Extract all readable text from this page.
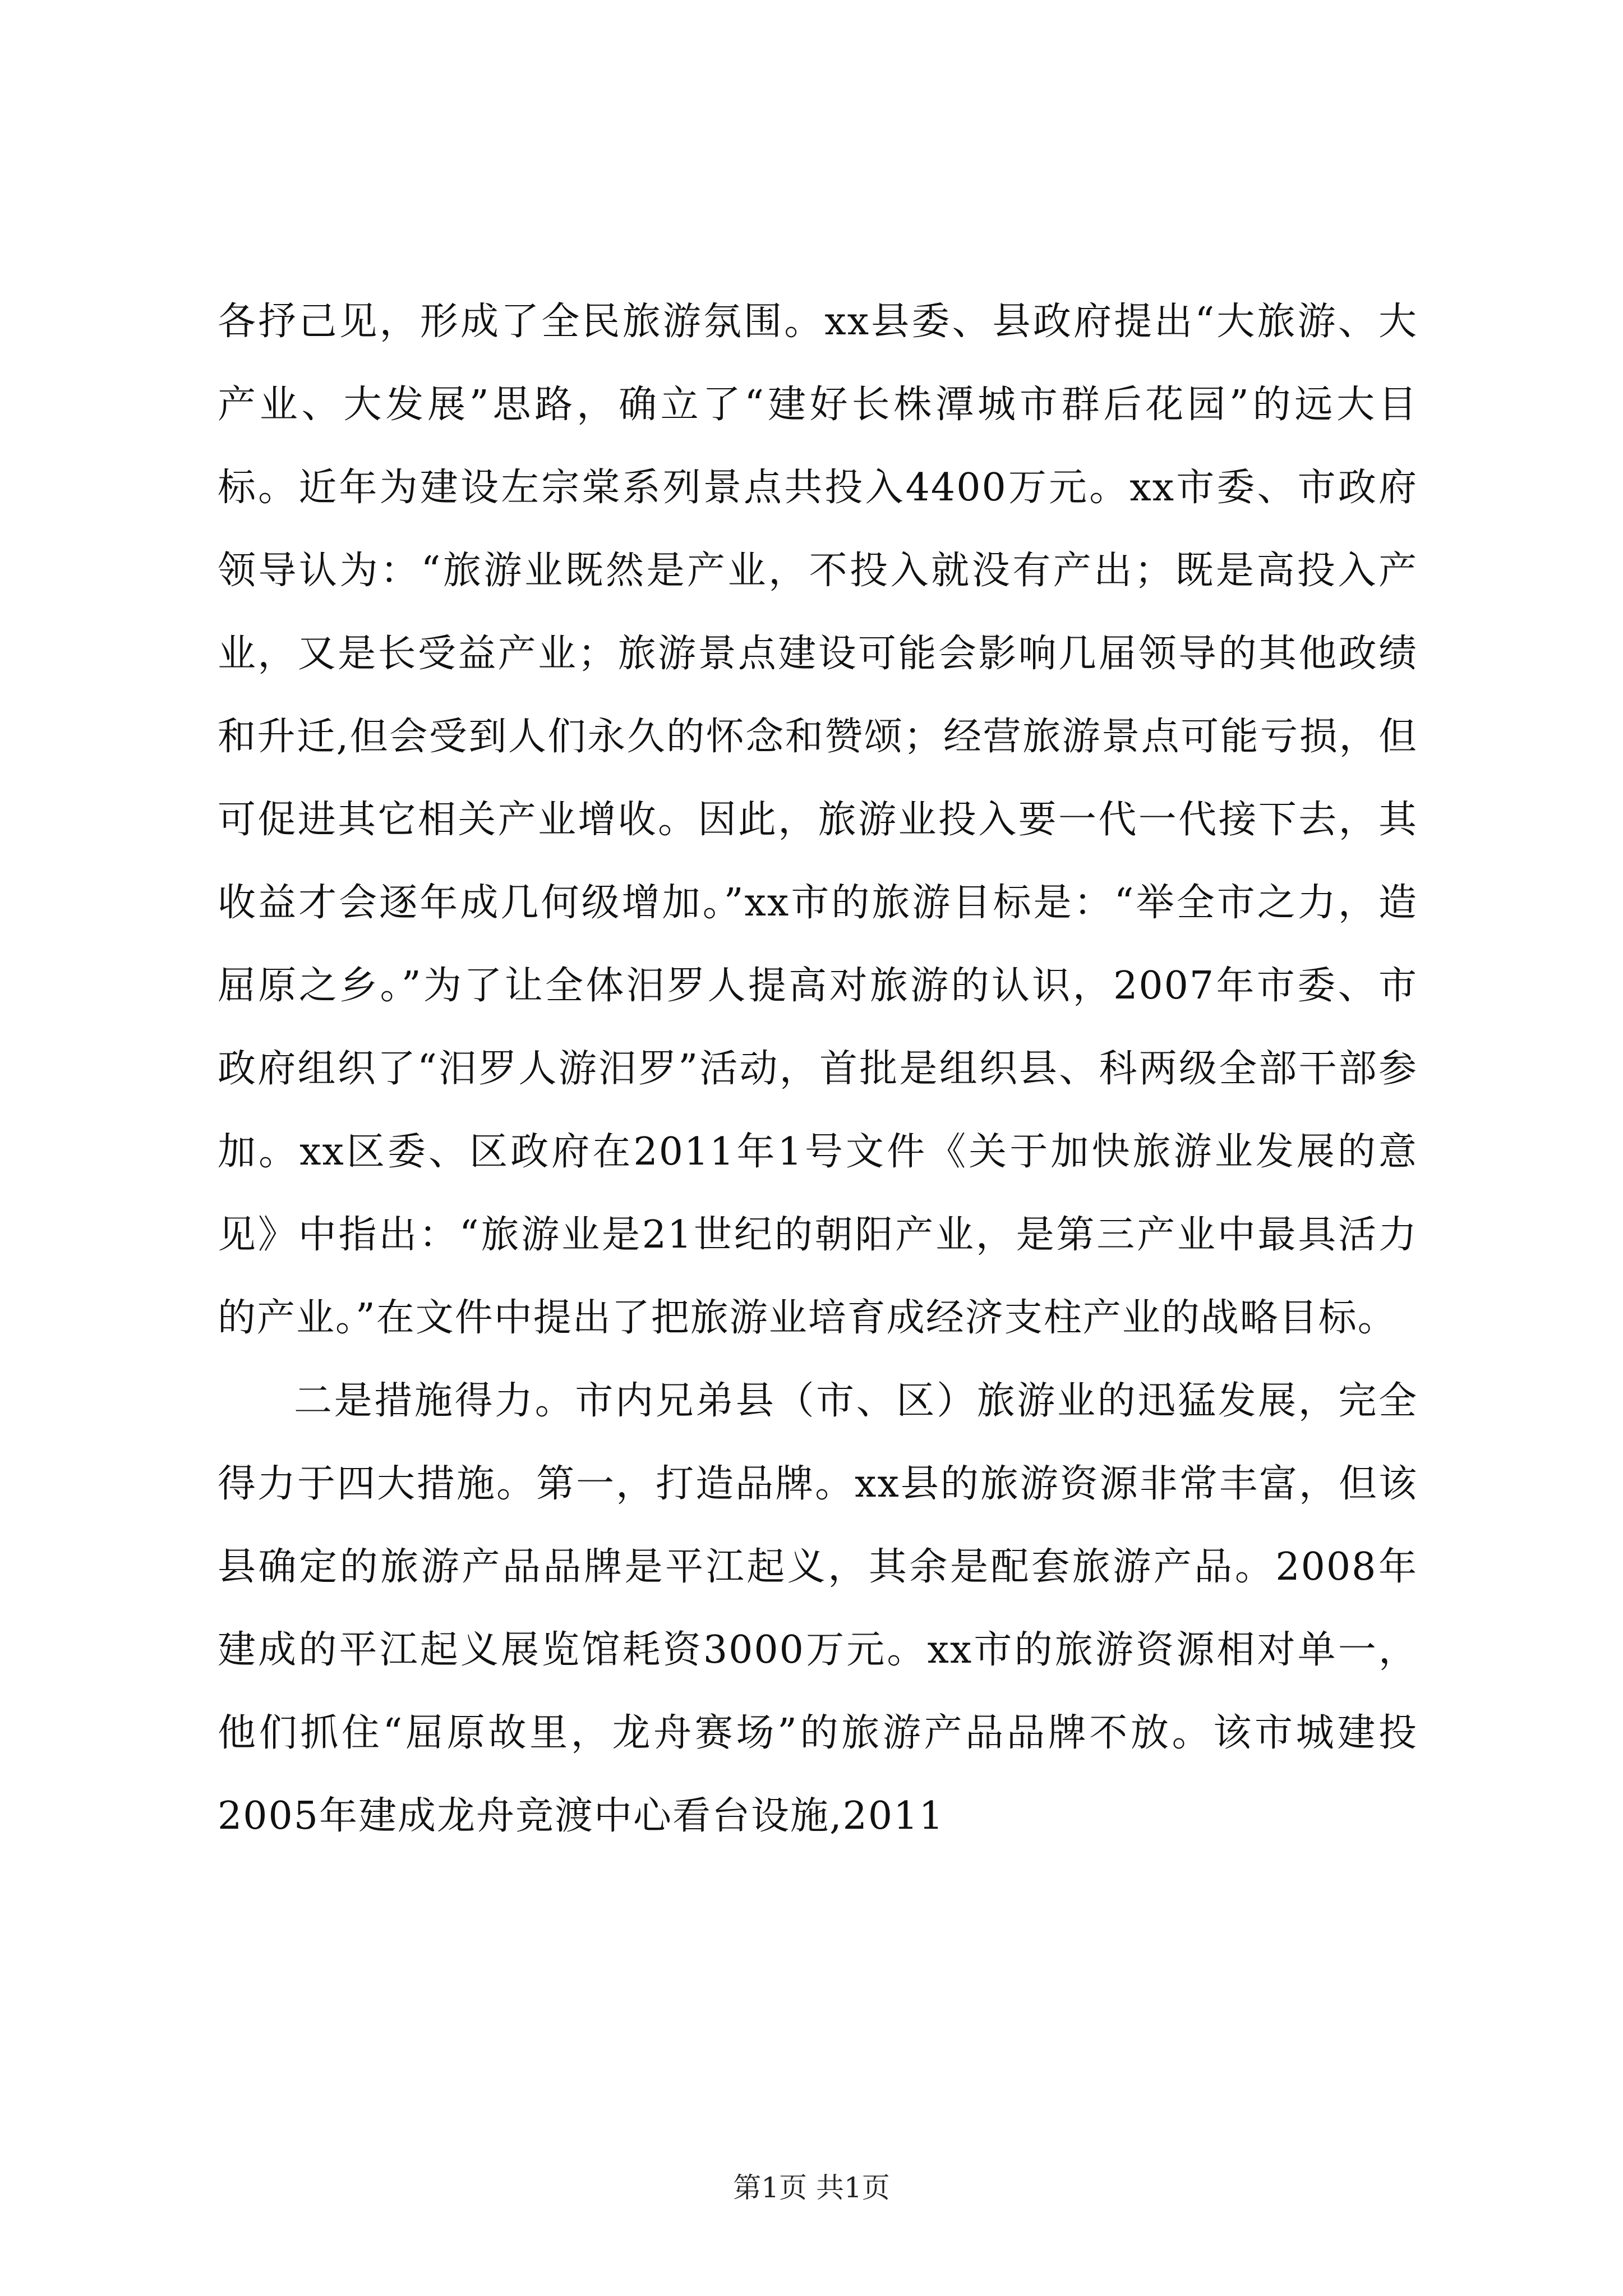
各抒己见，形成了全民旅游氛围。xx县委、县政府提出“大旅游、大产业、大发展”思路，确立了“建好长株潭城市群后花园”的远大目标。近年为建设左宗棠系列景点共投入4400万元。xx市委、市政府领导认为：“旅游业既然是产业，不投入就没有产出；既是高投入产业，又是长受益产业；旅游景点建设可能会影响几届领导的其他政绩和升迁,但会受到人们永久的怀念和赞颂；经营旅游景点可能亏损，但可促进其它相关产业增收。因此，旅游业投入要一代一代接下去，其收益才会逐年成几何级增加。”xx市的旅游目标是：“举全市之力，造屈原之乡。”为了让全体汨罗人提高对旅游的认识，2007年市委、市政府组织了“汨罗人游汨罗”活动，首批是组织县、科两级全部干部参加。xx区委、区政府在2011年1号文件《关于加快旅游业发展的意见》中指出：“旅游业是21世纪的朝阳产业，是第三产业中最具活力的产业。”在文件中提出了把旅游业培育成经济支柱产业的战略目标。

二是措施得力。市内兄弟县（市、区）旅游业的迅猛发展，完全得力于四大措施。第一，打造品牌。xx县的旅游资源非常丰富，但该县确定的旅游产品品牌是平江起义，其余是配套旅游产品。2008年建成的平江起义展览馆耗资3000万元。xx市的旅游资源相对单一，他们抓住“屈原故里，龙舟赛场”的旅游产品品牌不放。该市城建投2005年建成龙舟竞渡中心看台设施,2011

第1页 共1页
